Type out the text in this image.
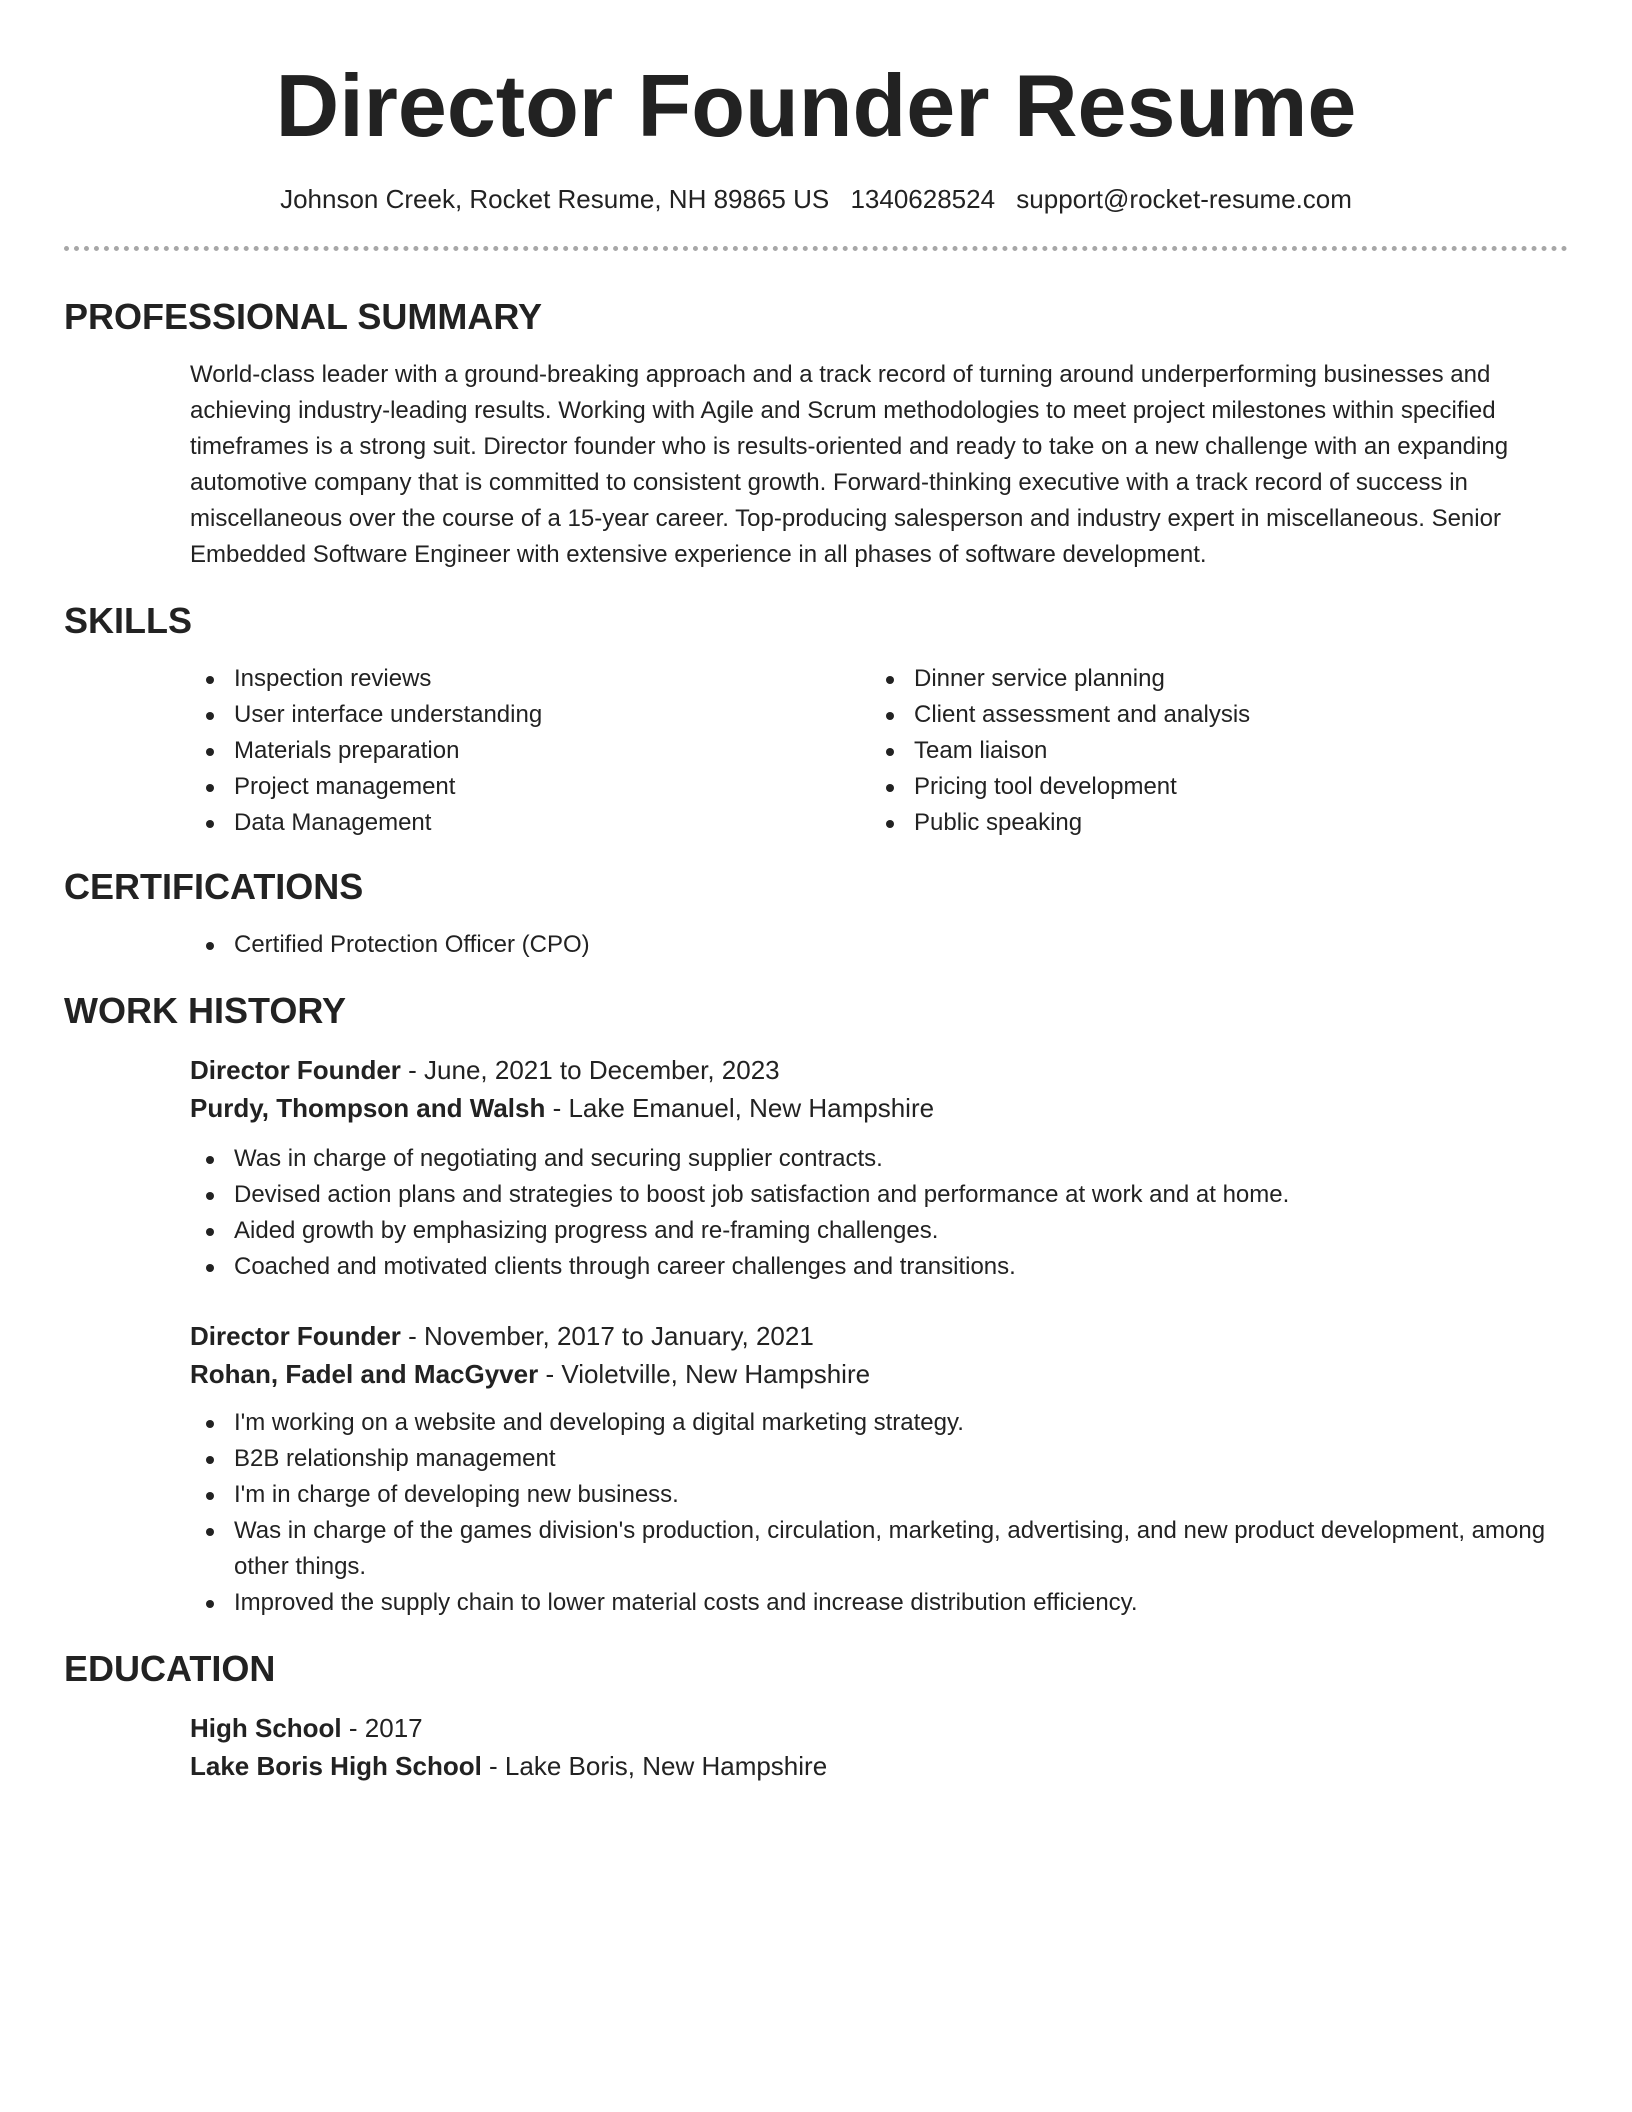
Director Founder Resume
Johnson Creek, Rocket Resume, NH 89865 US 1340628524 support@rocket-resume.com
PROFESSIONAL SUMMARY

World-class leader with a ground-breaking approach and a track record of turning around underperforming businesses and achieving industry-leading results. Working with Agile and Scrum methodologies to meet project milestones within specified timeframes is a strong suit. Director founder who is results-oriented and ready to take on a new challenge with an expanding automotive company that is committed to consistent growth. Forward-thinking executive with a track record of success in miscellaneous over the course of a 15-year career. Top-producing salesperson and industry expert in miscellaneous. Senior Embedded Software Engineer with extensive experience in all phases of software development.

SKILLS
Inspection reviews
User interface understanding
Materials preparation
Project management
Data Management
Dinner service planning
Client assessment and analysis
Team liaison
Pricing tool development
Public speaking
CERTIFICATIONS
Certified Protection Officer (CPO)
WORK HISTORY
Director Founder - June, 2021 to December, 2023
Purdy, Thompson and Walsh - Lake Emanuel, New Hampshire
Was in charge of negotiating and securing supplier contracts.
Devised action plans and strategies to boost job satisfaction and performance at work and at home.
Aided growth by emphasizing progress and re-framing challenges.
Coached and motivated clients through career challenges and transitions.
Director Founder - November, 2017 to January, 2021
Rohan, Fadel and MacGyver - Violetville, New Hampshire
I'm working on a website and developing a digital marketing strategy.
B2B relationship management
I'm in charge of developing new business.
Was in charge of the games division's production, circulation, marketing, advertising, and new product development, among other things.
Improved the supply chain to lower material costs and increase distribution efficiency.
EDUCATION
High School - 2017
Lake Boris High School - Lake Boris, New Hampshire
